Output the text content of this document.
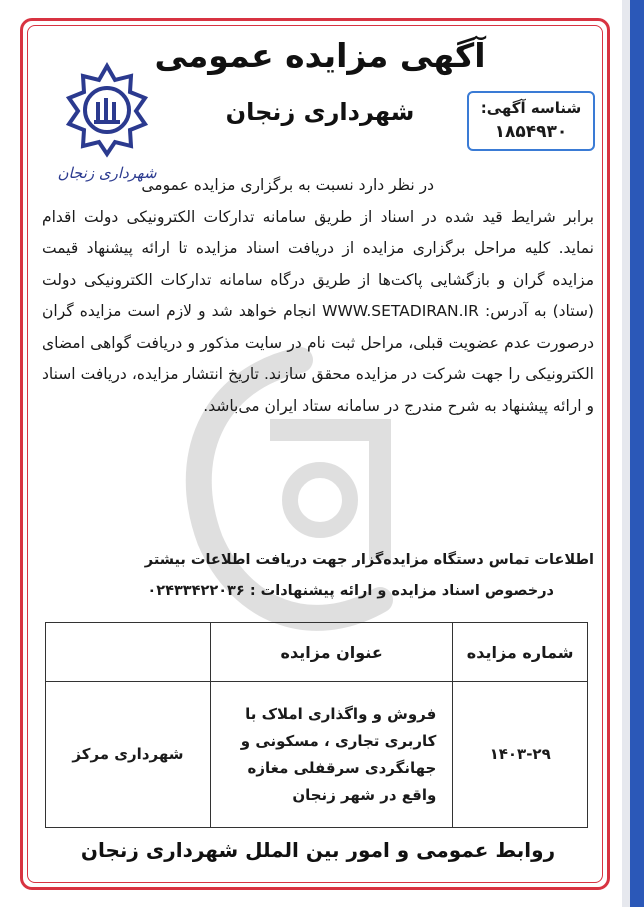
آگهی مزایده عمومی
شهرداری زنجان	شناسه آگهی:
۱۸۵۴۹۳۰
شهرداری زنجان
در نظر دارد نسبت به برگزاری مزایده عمومی
برابر شرایط قید شده در اسناد از طریق سامانه تدارکات الکترونیکی دولت اقدام نماید. کلیه مراحل برگزاری مزایده از دریافت اسناد مزایده تا ارائه پیشنهاد قیمت مزایده گران و بازگشایی پاکت‌ها از طریق درگاه سامانه تدارکات الکترونیکی دولت (ستاد) به آدرس: WWW.SETADIRAN.IR انجام خواهد شد و لازم است مزایده گران درصورت عدم عضویت قبلی، مراحل ثبت نام در سایت مذکور و دریافت گواهی امضای الکترونیکی را جهت شرکت در مزایده محقق سازند. تاریخ انتشار مزایده، دریافت اسناد و ارائه پیشنهاد به شرح مندرج در سامانه ستاد ایران می‌باشد.
اطلاعات تماس دستگاه مزایده‌گزار جهت دریافت اطلاعات بیشتر
درخصوص اسناد مزایده و ارائه پیشنهادات : ۰۲۴۳۳۴۲۲۰۳۶
شماره مزایده	عنوان مزایده	
۱۴۰۳-۲۹	فروش و واگذاری املاک با کاربری تجاری ، مسکونی و جهانگردی سرقفلی مغازه واقع در شهر زنجان	شهرداری مرکز
روابط عمومی و امور بین الملل شهرداری زنجان
